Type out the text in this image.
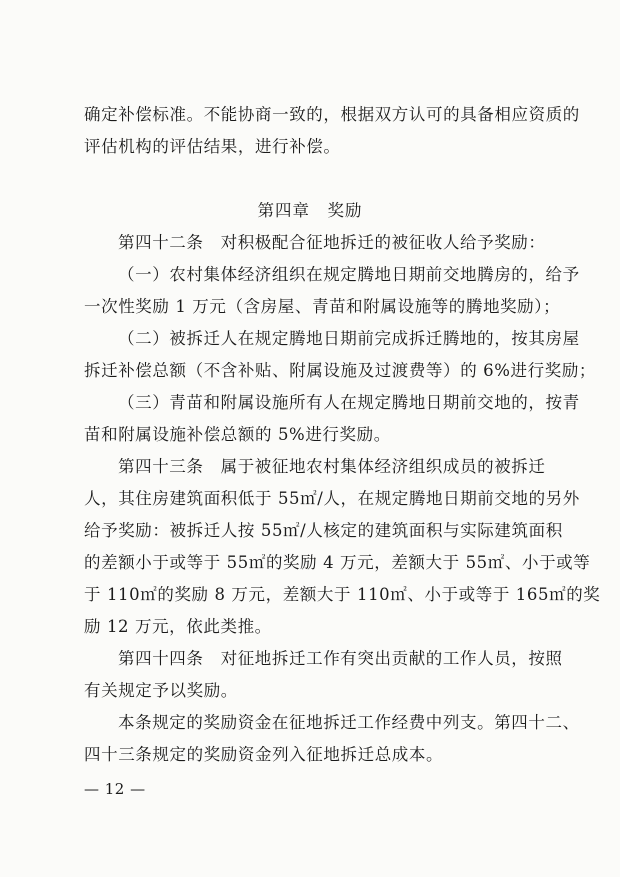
确定补偿标准。不能协商一致的，根据双方认可的具备相应资质的
评估机构的评估结果，进行补偿。
第四章　奖励
第四十二条　对积极配合征地拆迁的被征收人给予奖励：
（一）农村集体经济组织在规定腾地日期前交地腾房的，给予
一次性奖励 1 万元（含房屋、青苗和附属设施等的腾地奖励）；
（二）被拆迁人在规定腾地日期前完成拆迁腾地的，按其房屋
拆迁补偿总额（不含补贴、附属设施及过渡费等）的 6%进行奖励；
（三）青苗和附属设施所有人在规定腾地日期前交地的，按青
苗和附属设施补偿总额的 5%进行奖励。
第四十三条　属于被征地农村集体经济组织成员的被拆迁
人，其住房建筑面积低于 55㎡/人，在规定腾地日期前交地的另外
给予奖励：被拆迁人按 55㎡/人核定的建筑面积与实际建筑面积
的差额小于或等于 55㎡的奖励 4 万元，差额大于 55㎡、小于或等
于 110㎡的奖励 8 万元，差额大于 110㎡、小于或等于 165㎡的奖
励 12 万元，依此类推。
第四十四条　对征地拆迁工作有突出贡献的工作人员，按照
有关规定予以奖励。
本条规定的奖励资金在征地拆迁工作经费中列支。第四十二、
四十三条规定的奖励资金列入征地拆迁总成本。
— 12 —
